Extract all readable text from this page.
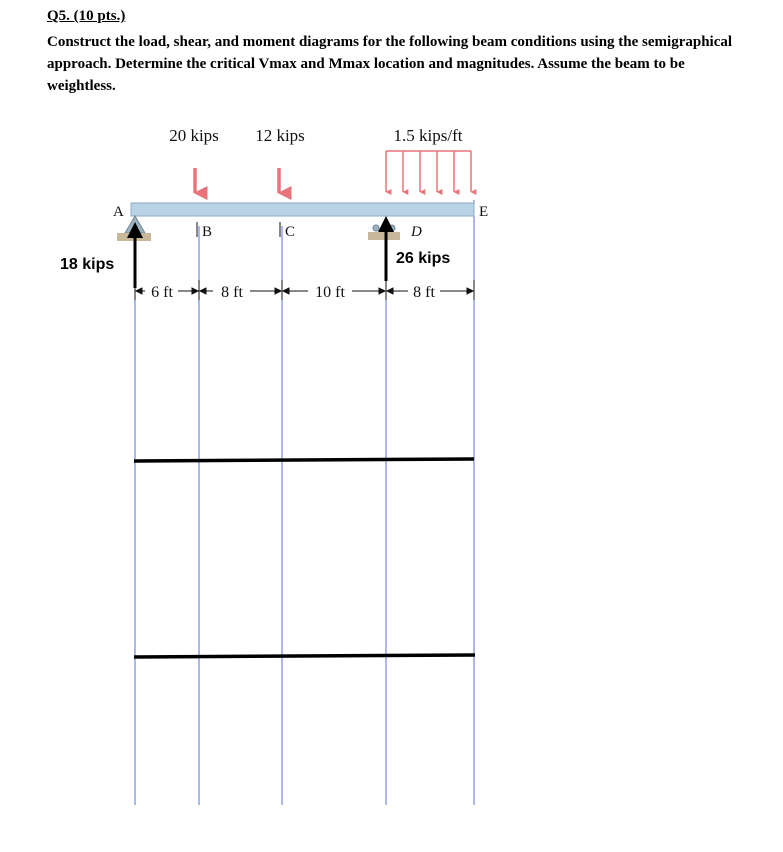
Q5. (10 pts.)
Construct the load, shear, and moment diagrams for the following beam conditions using the semigraphical approach. Determine the critical Vmax and Mmax location and magnitudes. Assume the beam to be weightless.
20 kips 12 kips	1.5 kips/ft
A
B	C	D
E
18 kips	26 kips
6 ft	8 ft	10 ft	8 ft
